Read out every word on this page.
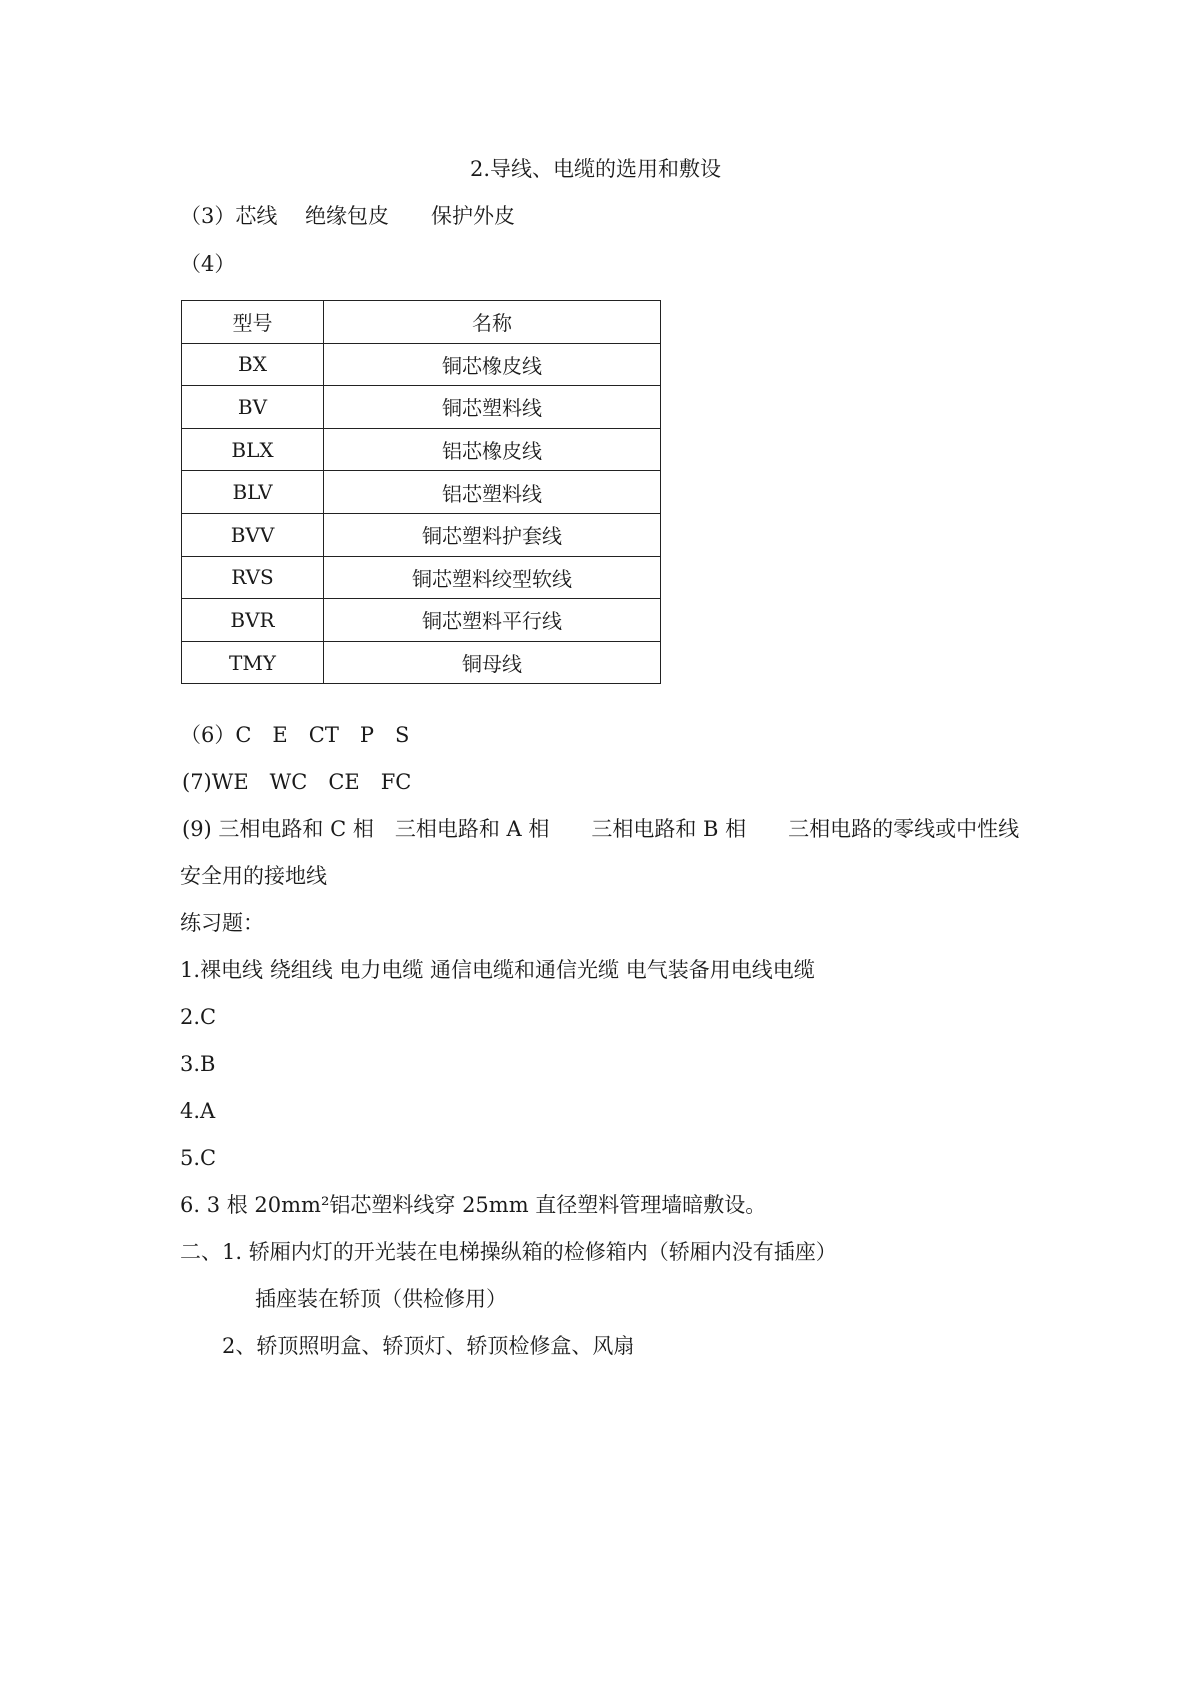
2.导线、电缆的选用和敷设
（3）芯线　 绝缘包皮　　保护外皮
（4）
型号	名称
BX	铜芯橡皮线
BV	铜芯塑料线
BLX	铝芯橡皮线
BLV	铝芯塑料线
BVV	铜芯塑料护套线
RVS	铜芯塑料绞型软线
BVR	铜芯塑料平行线
TMY	铜母线
（6）C　E　CT　P　S
(7)WE　WC　CE　FC
(9) 三相电路和 C 相　三相电路和 A 相　　三相电路和 B 相　　三相电路的零线或中性线
安全用的接地线
练习题：
1.裸电线 绕组线 电力电缆 通信电缆和通信光缆 电气装备用电线电缆
2.C
3.B
4.A
5.C
6. 3 根 20mm²铝芯塑料线穿 25mm 直径塑料管理墙暗敷设。
二、1. 轿厢内灯的开光装在电梯操纵箱的检修箱内（轿厢内没有插座）
插座装在轿顶（供检修用）
2、轿顶照明盒、轿顶灯、轿顶检修盒、风扇
